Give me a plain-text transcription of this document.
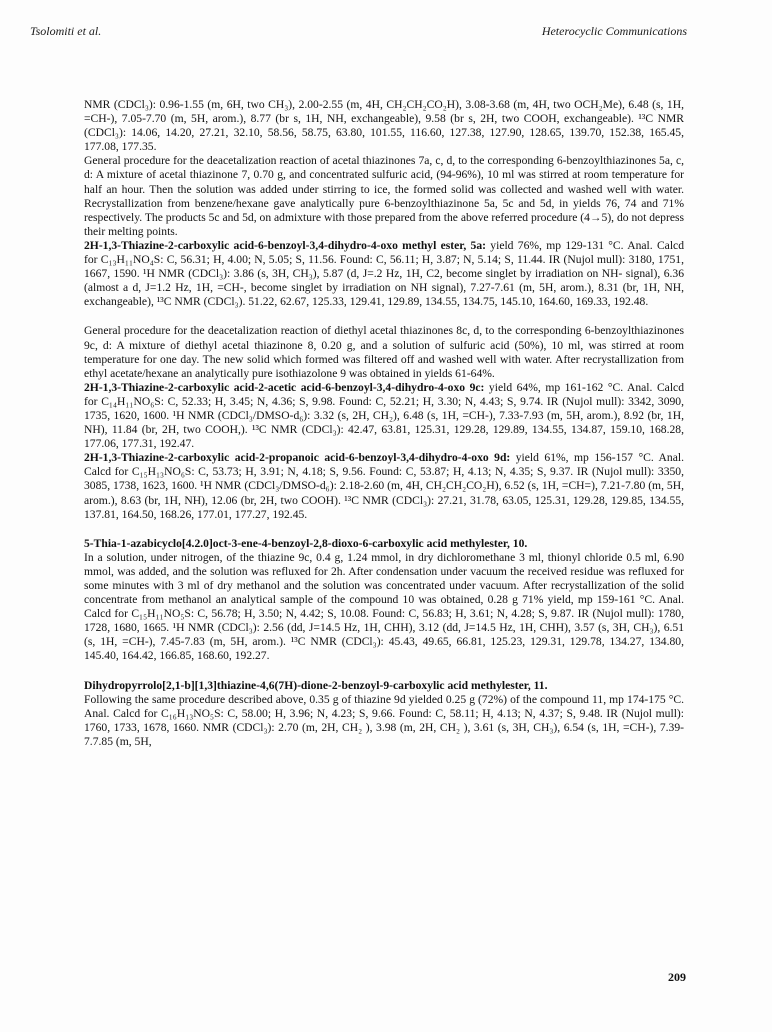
Tsolomiti et al.	Heterocyclic Communications

NMR (CDCl₃): 0.96-1.55 (m, 6H, two CH₃), 2.00-2.55 (m, 4H, CH₂CH₂CO₂H), 3.08-3.68 (m, 4H, two OCH₂Me), 6.48 (s, 1H, =CH-), 7.05-7.70 (m, 5H, arom.), 8.77 (br s, 1H, NH, exchangeable), 9.58 (br s, 2H, two COOH, exchangeable). ¹³C NMR (CDCl₃): 14.06, 14.20, 27.21, 32.10, 58.56, 58.75, 63.80, 101.55, 116.60, 127.38, 127.90, 128.65, 139.70, 152.38, 165.45, 177.08, 177.35.

General procedure for the deacetalization reaction of acetal thiazinones 7a, c, d, to the corresponding 6-benzoylthiazinones 5a, c, d: A mixture of acetal thiazinone 7, 0.70 g, and concentrated sulfuric acid, (94-96%), 10 ml was stirred at room temperature for half an hour. Then the solution was added under stirring to ice, the formed solid was collected and washed well with water. Recrystallization from benzene/hexane gave analytically pure 6-benzoylthiazinone 5a, 5c and 5d, in yields 76, 74 and 71% respectively. The products 5c and 5d, on admixture with those prepared from the above referred procedure (4→5), do not depress their melting points.

2H-1,3-Thiazine-2-carboxylic acid-6-benzoyl-3,4-dihydro-4-oxo methyl ester, 5a: yield 76%, mp 129-131 °C. Anal. Calcd for C₁₃H₁₁NO₄S: C, 56.31; H, 4.00; N, 5.05; S, 11.56. Found: C, 56.11; H, 3.87; N, 5.14; S, 11.44. IR (Nujol mull): 3180, 1751, 1667, 1590. ¹H NMR (CDCl₃): 3.86 (s, 3H, CH₃), 5.87 (d, J=.2 Hz, 1H, C2, become singlet by irradiation on NH- signal), 6.36 (almost a d, J=1.2 Hz, 1H, =CH-, become singlet by irradiation on NH signal), 7.27-7.61 (m, 5H, arom.), 8.31 (br, 1H, NH, exchangeable), ¹³C NMR (CDCl₃). 51.22, 62.67, 125.33, 129.41, 129.89, 134.55, 134.75, 145.10, 164.60, 169.33, 192.48.

General procedure for the deacetalization reaction of diethyl acetal thiazinones 8c, d, to the corresponding 6-benzoylthiazinones 9c, d: A mixture of diethyl acetal thiazinone 8, 0.20 g, and a solution of sulfuric acid (50%), 10 ml, was stirred at room temperature for one day. The new solid which formed was filtered off and washed well with water. After recrystallization from ethyl acetate/hexane an analytically pure isothiazolone 9 was obtained in yields 61-64%.

2H-1,3-Thiazine-2-carboxylic acid-2-acetic acid-6-benzoyl-3,4-dihydro-4-oxo 9c: yield 64%, mp 161-162 °C. Anal. Calcd for C₁₄H₁₁NO₆S: C, 52.33; H, 3.45; N, 4.36; S, 9.98. Found: C, 52.21; H, 3.30; N, 4.43; S, 9.74. IR (Nujol mull): 3342, 3090, 1735, 1620, 1600. ¹H NMR (CDCl₃/DMSO-d₆): 3.32 (s, 2H, CH₂), 6.48 (s, 1H, =CH-), 7.33-7.93 (m, 5H, arom.), 8.92 (br, 1H, NH), 11.84 (br, 2H, two COOH,). ¹³C NMR (CDCl₃): 42.47, 63.81, 125.31, 129.28, 129.89, 134.55, 134.87, 159.10, 168.28, 177.06, 177.31, 192.47.

2H-1,3-Thiazine-2-carboxylic acid-2-propanoic acid-6-benzoyl-3,4-dihydro-4-oxo 9d: yield 61%, mp 156-157 °C. Anal. Calcd for C₁₅H₁₃NO₆S: C, 53.73; H, 3.91; N, 4.18; S, 9.56. Found: C, 53.87; H, 4.13; N, 4.35; S, 9.37. IR (Nujol mull): 3350, 3085, 1738, 1623, 1600. ¹H NMR (CDCl₃/DMSO-d₆): 2.18-2.60 (m, 4H, CH₂CH₂CO₂H), 6.52 (s, 1H, =CH=), 7.21-7.80 (m, 5H, arom.), 8.63 (br, 1H, NH), 12.06 (br, 2H, two COOH). ¹³C NMR (CDCl₃): 27.21, 31.78, 63.05, 125.31, 129.28, 129.85, 134.55, 137.81, 164.50, 168.26, 177.01, 177.27, 192.45.

5-Thia-1-azabicyclo[4.2.0]oct-3-ene-4-benzoyl-2,8-dioxo-6-carboxylic acid methylester, 10.

In a solution, under nitrogen, of the thiazine 9c, 0.4 g, 1.24 mmol, in dry dichloromethane 3 ml, thionyl chloride 0.5 ml, 6.90 mmol, was added, and the solution was refluxed for 2h. After condensation under vacuum the received residue was refluxed for some minutes with 3 ml of dry methanol and the solution was concentrated under vacuum. After recrystallization of the solid concentrate from methanol an analytical sample of the compound 10 was obtained, 0.28 g 71% yield, mp 159-161 °C. Anal. Calcd for C₁₅H₁₁NO₅S: C, 56.78; H, 3.50; N, 4.42; S, 10.08. Found: C, 56.83; H, 3.61; N, 4.28; S, 9.87. IR (Nujol mull): 1780, 1728, 1680, 1665. ¹H NMR (CDCl₃): 2.56 (dd, J=14.5 Hz, 1H, CHH), 3.12 (dd, J=14.5 Hz, 1H, CHH), 3.57 (s, 3H, CH₃), 6.51 (s, 1H, =CH-), 7.45-7.83 (m, 5H, arom.). ¹³C NMR (CDCl₃): 45.43, 49.65, 66.81, 125.23, 129.31, 129.78, 134.27, 134.80, 145.40, 164.42, 166.85, 168.60, 192.27.

Dihydropyrrolo[2,1-b][1,3]thiazine-4,6(7H)-dione-2-benzoyl-9-carboxylic acid methylester, 11.

Following the same procedure described above, 0.35 g of thiazine 9d yielded 0.25 g (72%) of the compound 11, mp 174-175 °C. Anal. Calcd for C₁₆H₁₃NO₅S: C, 58.00; H, 3.96; N, 4.23; S, 9.66. Found: C, 58.11; H, 4.13; N, 4.37; S, 9.48. IR (Nujol mull): 1760, 1733, 1678, 1660. NMR (CDCl₃): 2.70 (m, 2H, CH₂ ), 3.98 (m, 2H, CH₂ ), 3.61 (s, 3H, CH₃), 6.54 (s, 1H, =CH-), 7.39-7.7.85 (m, 5H,

209
